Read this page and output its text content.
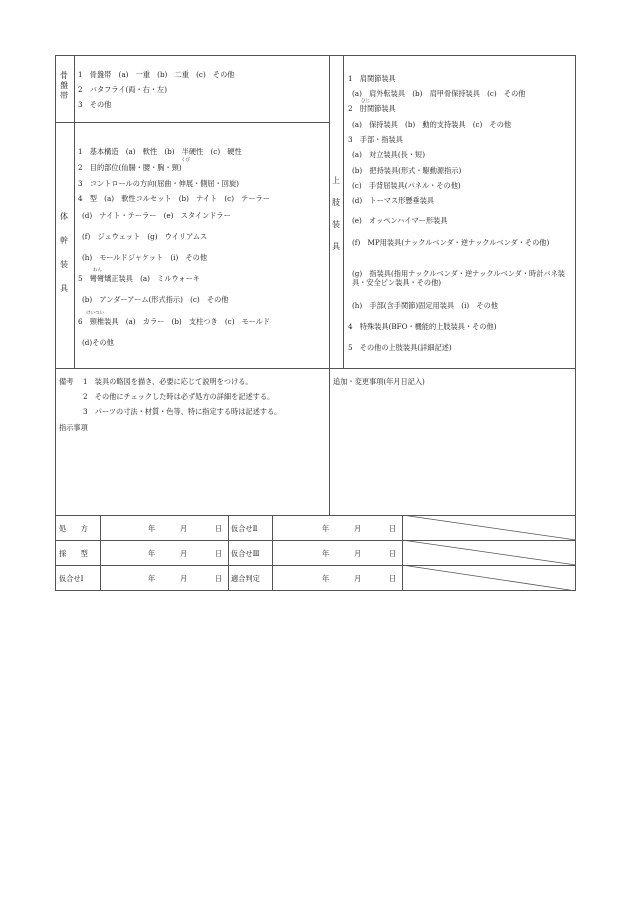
骨
盤
帯
1　骨盤帯　(a)　一重　(b)　二重　(c)　その他
2　バタフライ(両・右・左)
3　その他
体
幹
装
具
1　基本構造　(a)　軟性　(b)　半硬性　(c)　硬性
くび
2　目的部位(仙腸・腰・胸・頸)
3　コントロールの方向(屈曲・伸展・側屈・回旋)
4　型　(a)　軟性コルセット　(b)　ナイト　(c)　テーラー
(d)　ナイト・テーラー　(e)　スタインドラー
(f)　ジュウェット　(g)　ウイリアムス
(h)　モールドジャケット　(i)　その他
わん
5　彎彎矯正装具　(a)　ミルウォーキ
(b)　アンダーアーム(形式指示)　(c)　その他
けいつい
6　頸椎装具　(a)　カラー　(b)　支柱つき　(c)　モールド
(d)その他
上
肢
装
具
1　肩関節装具
(a)　肩外転装具　(b)　肩甲骨保持装具　(c)　その他
ひじ
2　肘関節装具
(a)　保持装具　(b)　動的支持装具　(c)　その他
3　手部・指装具
(a)　対立装具(長・短)
(b)　把持装具(形式・駆動源指示)
(c)　手背屈装具(パネル・その他)
(d)　トーマス形懸垂装具
(e)　オッペンハイマー形装具
(f)　MP用装具(ナックルベンダ・逆ナックルベンダ・その他)
(g)　指装具(指用ナックルベンダ・逆ナックルベンダ・時計バネ装具・安全ピン装具・その他)
(h)　手部(含手関節)固定用装具　(i)　その他
4　特殊装具(BFO・機能的上肢装具・その他)
5　その他の上肢装具(詳細記述)
備考 1　装具の略図を描き、必要に応じて説明をつける。
2　その他にチェックした時は必ず処方の詳細を記述する。
3　パーツの寸法・材質・色等、特に指定する時は記述する。
指示事項
追加・変更事項(年月日記入)
処　　方	年	月	日 仮合せⅡ	年	月	日
採　　型	年	月	日 仮合せⅢ	年	月	日
仮合せⅠ	年	月	日 適合判定	年	月	日
